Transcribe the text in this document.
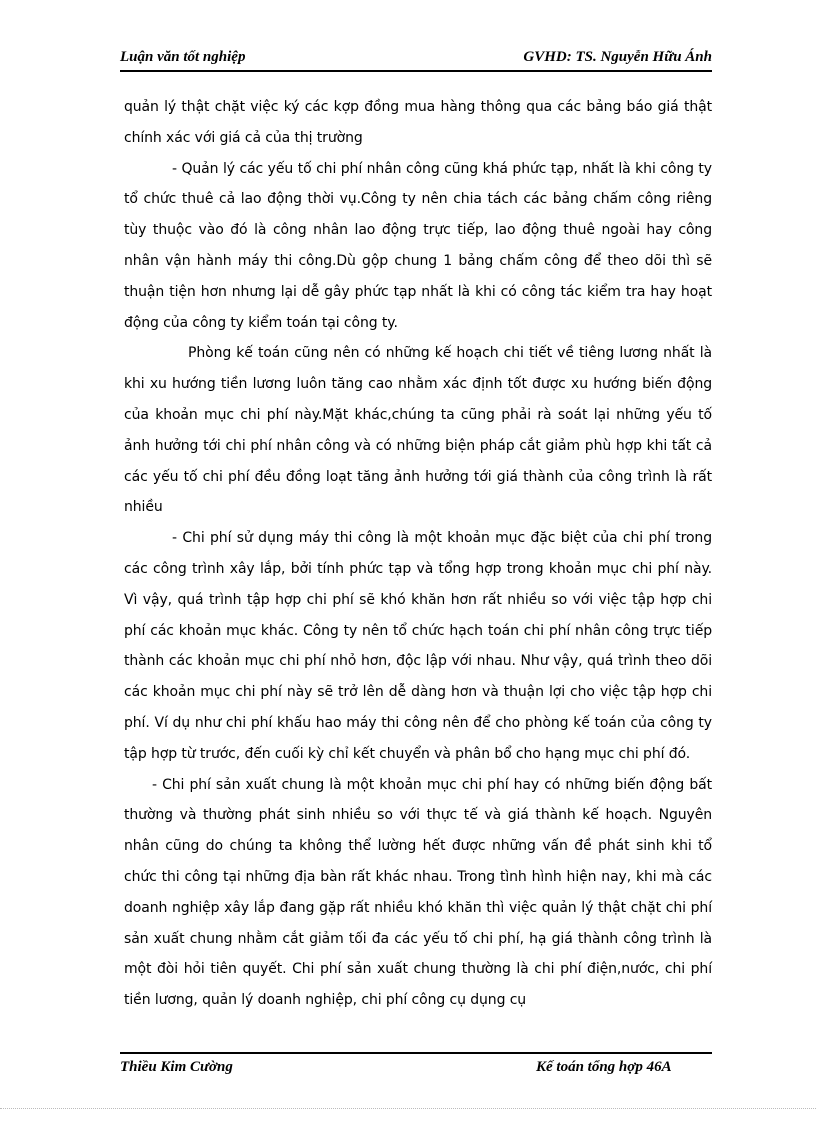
Luận văn tốt nghiệp	GVHD: TS. Nguyễn Hữu Ánh

quản lý thật chặt việc ký các kợp đồng mua hàng thông qua các bảng báo giá thật chính xác với giá cả của thị trường

- Quản lý các yếu tố chi phí nhân công cũng khá phức tạp, nhất là khi công ty tổ chức thuê cả lao động thời vụ.Công ty nên chia tách các bảng chấm công riêng tùy thuộc vào đó là công nhân lao động trực tiếp, lao động thuê ngoài hay công nhân vận hành máy thi công.Dù gộp chung 1 bảng chấm công để theo dõi thì sẽ thuận tiện hơn nhưng lại dễ gây phức tạp nhất là khi có công tác kiểm tra hay hoạt động của công ty kiểm toán tại công ty.

Phòng kế toán cũng nên có những kế hoạch chi tiết về tiêng lương nhất là khi xu hướng tiền lương luôn tăng cao nhằm xác định tốt được xu hướng biến động của khoản mục chi phí này.Mặt khác,chúng ta cũng phải rà soát lại những yếu tố ảnh hưởng tới chi phí nhân công và có những biện pháp cắt giảm phù hợp khi tất cả các yếu tố chi phí đều đồng loạt tăng ảnh hưởng tới giá thành của công trình là rất nhiều

- Chi phí sử dụng máy thi công là một khoản mục đặc biệt của chi phí trong các công trình xây lắp, bởi tính phức tạp và tổng hợp trong khoản mục chi phí này. Vì vậy, quá trình tập hợp chi phí sẽ khó khăn hơn rất nhiều so với việc tập hợp chi phí các khoản mục khác. Công ty nên tổ chức hạch toán chi phí nhân công trực tiếp thành các khoản mục chi phí nhỏ hơn, độc lập với nhau. Như vậy, quá trình theo dõi các khoản mục chi phí này sẽ trở lên dễ dàng hơn và thuận lợi cho việc tập hợp chi phí. Ví dụ như chi phí khấu hao máy thi công nên để cho phòng kế toán của công ty tập hợp từ trước, đến cuối kỳ chỉ kết chuyển và phân bổ cho hạng mục chi phí đó.

- Chi phí sản xuất chung là một khoản mục chi phí hay có những biến động bất thường và thường phát sinh nhiều so với thực tế và giá thành kế hoạch. Nguyên nhân cũng do chúng ta không thể lường hết được những vấn đề phát sinh khi tổ chức thi công tại những địa bàn rất khác nhau. Trong tình hình hiện nay, khi mà các doanh nghiệp xây lắp đang gặp rất nhiều khó khăn thì việc quản lý thật chặt chi phí sản xuất chung nhằm cắt giảm tối đa các yếu tố chi phí, hạ giá thành công trình là một đòi hỏi tiên quyết. Chi phí sản xuất chung thường là chi phí điện,nước, chi phí tiền lương, quản lý doanh nghiệp, chi phí công cụ dụng cụ

Thiều Kim Cường	Kế toán tổng hợp 46A
